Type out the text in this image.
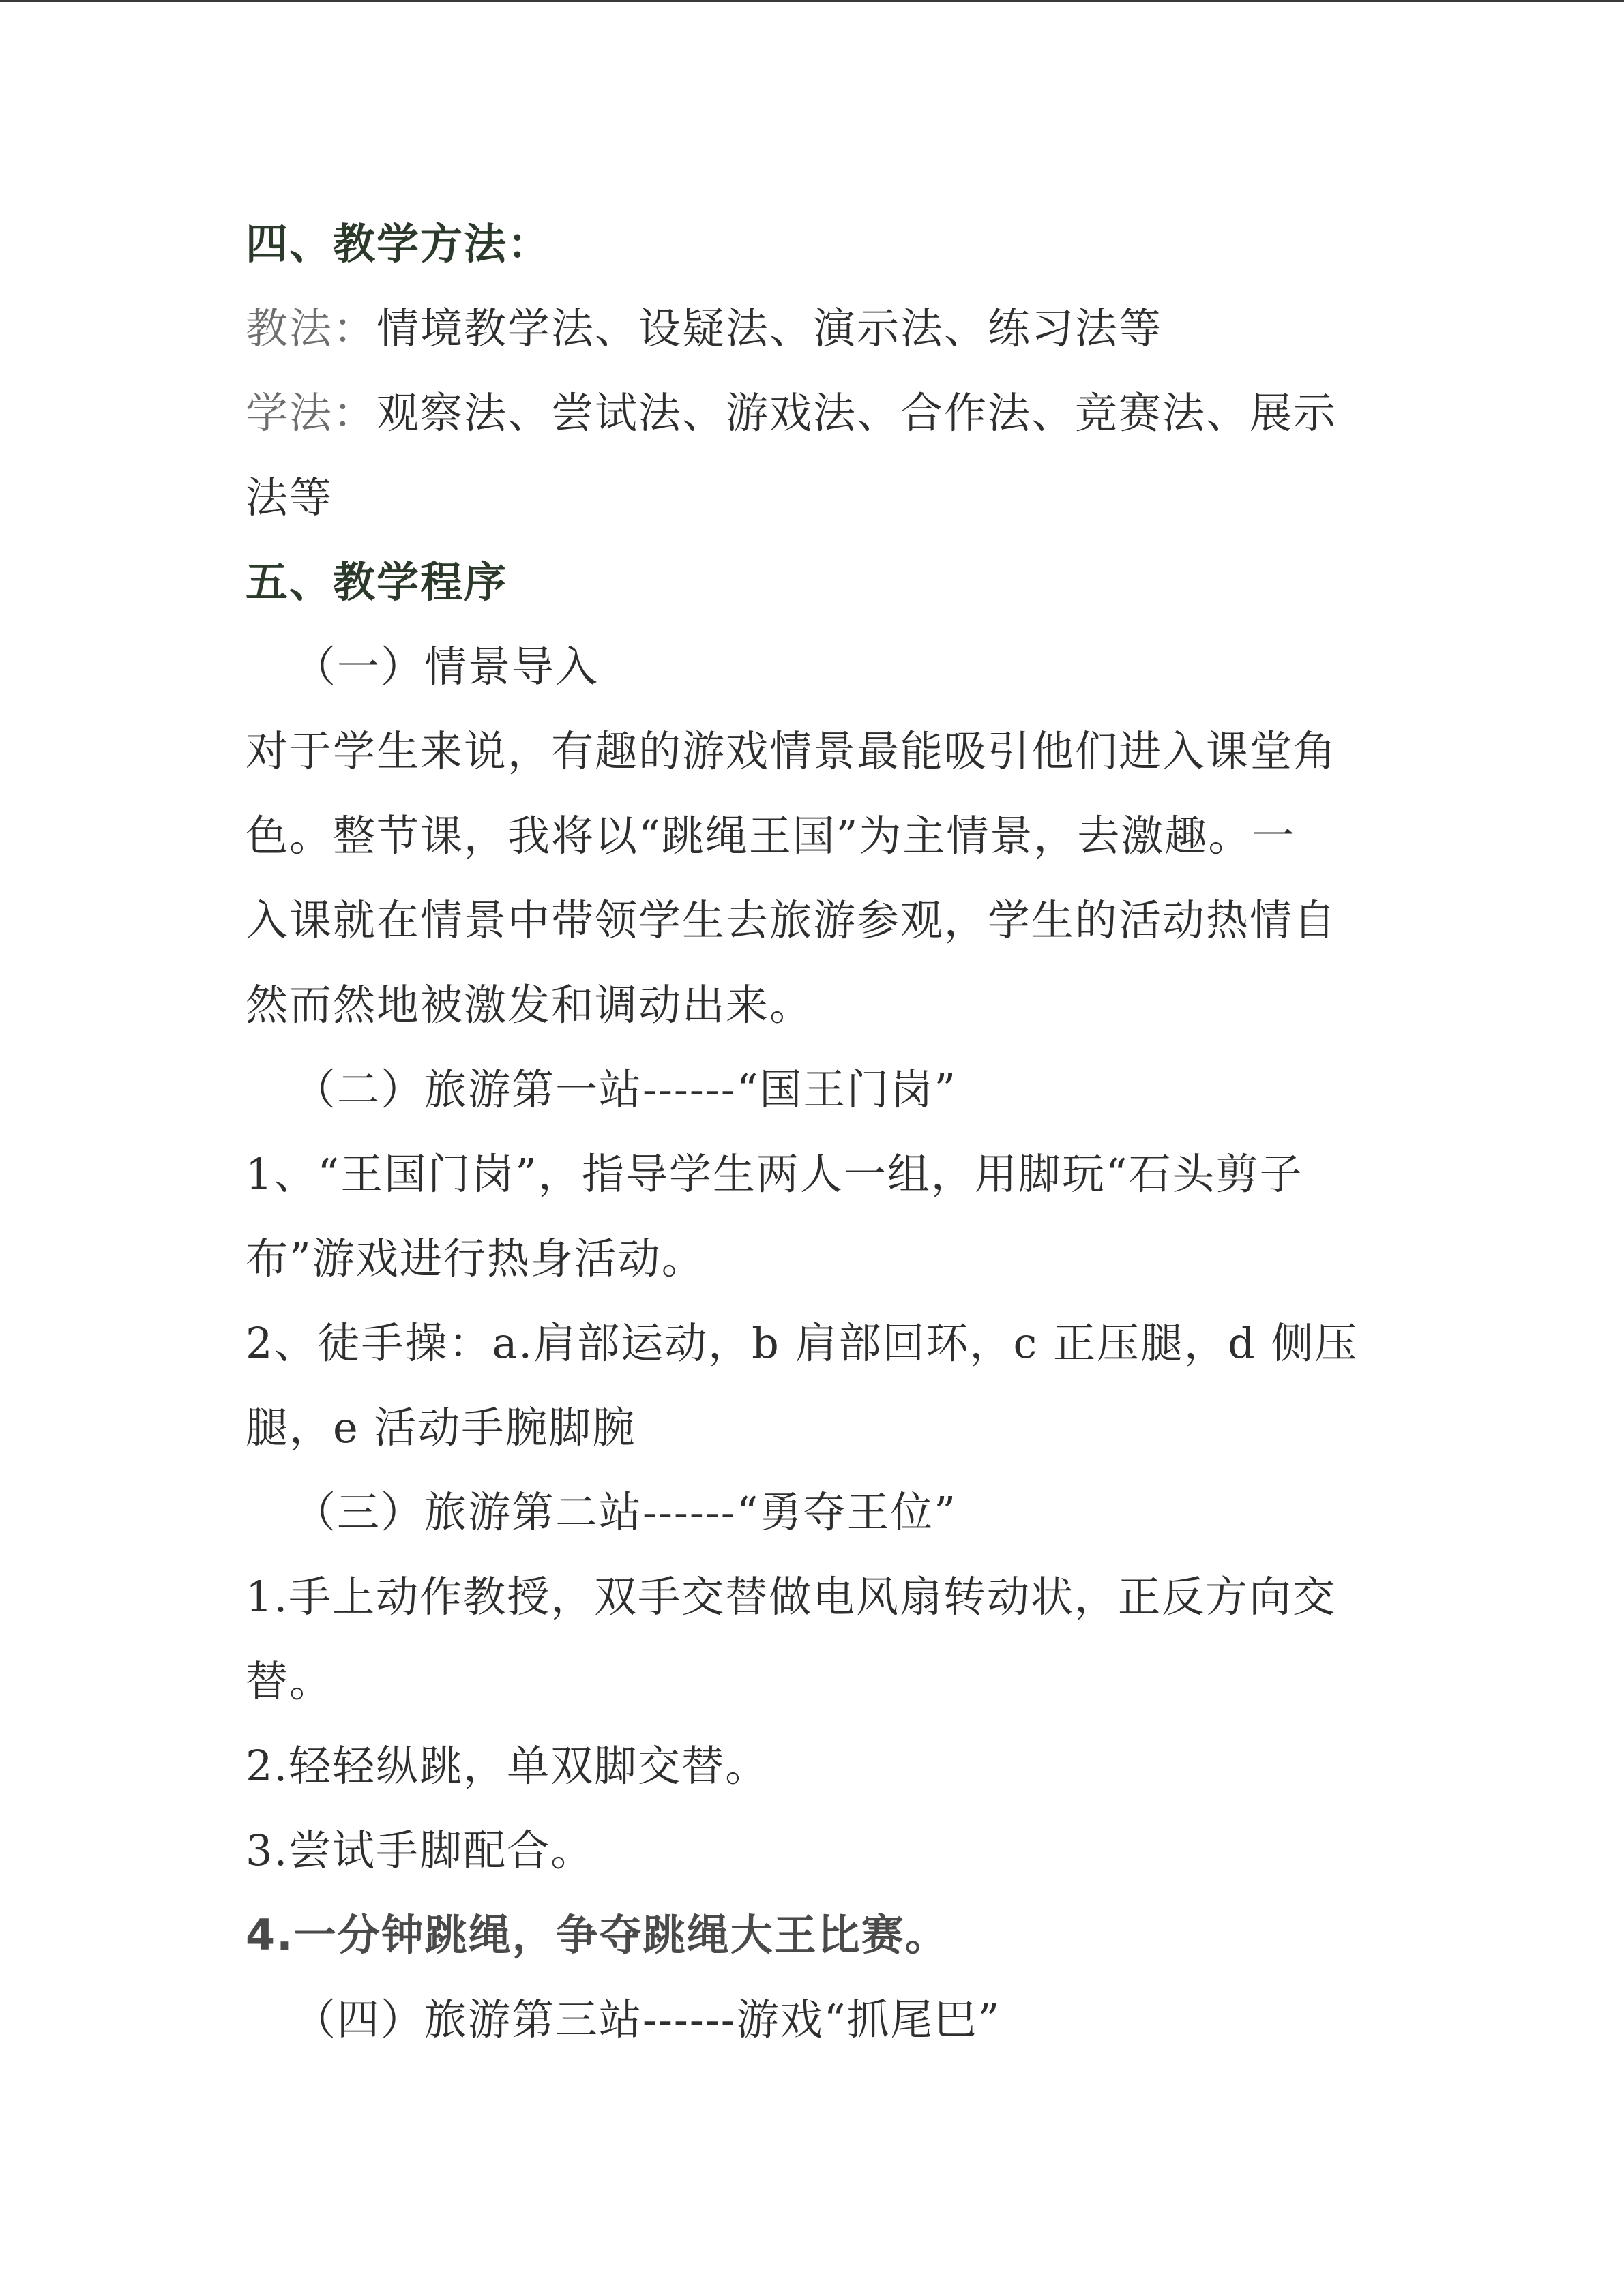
四、教学方法：
教法：情境教学法、设疑法、演示法、练习法等
学法：观察法、尝试法、游戏法、合作法、竞赛法、展示
法等
五、教学程序
（一）情景导入
对于学生来说，有趣的游戏情景最能吸引他们进入课堂角
色。整节课，我将以“跳绳王国”为主情景，去激趣。一
入课就在情景中带领学生去旅游参观，学生的活动热情自
然而然地被激发和调动出来。
（二）旅游第一站------“国王门岗”
1、“王国门岗”，指导学生两人一组，用脚玩“石头剪子
布”游戏进行热身活动。
2、徒手操：a.肩部运动，b 肩部回环，c 正压腿，d 侧压
腿，e 活动手腕脚腕
（三）旅游第二站------“勇夺王位”
1.手上动作教授，双手交替做电风扇转动状，正反方向交
替。
2.轻轻纵跳，单双脚交替。
3.尝试手脚配合。
4.一分钟跳绳，争夺跳绳大王比赛。
（四）旅游第三站------游戏“抓尾巴”
